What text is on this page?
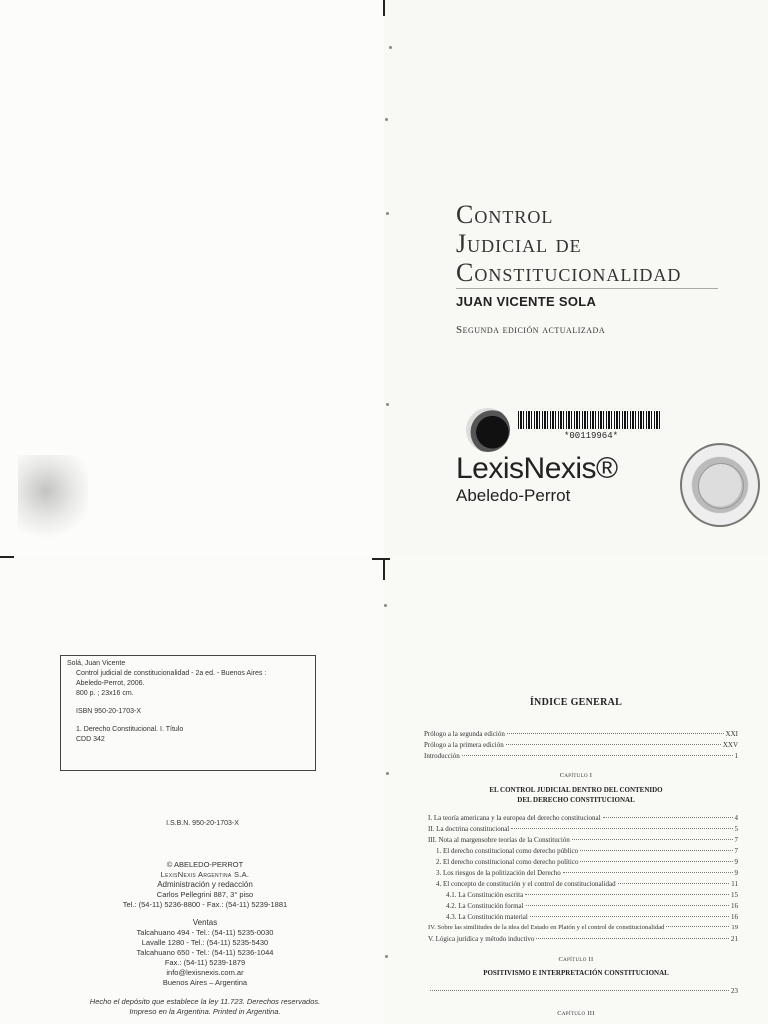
Control
Judicial de
Constitucionalidad
JUAN VICENTE SOLA
Segunda edición actualizada
*00119964*
LexisNexis®
Abeledo-Perrot
Solá, Juan Vicente
Control judicial de constitucionalidad - 2a ed. - Buenos Aires :
Abeledo-Perrot, 2006.
800 p. ; 23x16 cm.
ISBN 950-20-1703-X
1. Derecho Constitucional. I. Título
CDD 342
I.S.B.N. 950-20-1703-X
© ABELEDO-PERROT
LexisNexis Argentina S.A.
Administración y redacción
Carlos Pellegrini 887, 3° piso
Tel.: (54-11) 5236-8800 - Fax.: (54-11) 5239-1881
Ventas
Talcahuano 494 - Tel.: (54-11) 5235-0030
Lavalle 1280 - Tel.: (54-11) 5235-5430
Talcahuano 650 - Tel.: (54-11) 5236-1044
Fax.: (54-11) 5239-1879
info@lexisnexis.com.ar
Buenos Aires – Argentina
Hecho el depósito que establece la ley 11.723. Derechos reservados.
Impreso en la Argentina. Printed in Argentina.
ÍNDICE GENERAL
Prólogo a la segunda edición	XXI
Prólogo a la primera edición	XXV
Introducción	1
Capítulo I
EL CONTROL JUDICIAL DENTRO DEL CONTENIDO
DEL DERECHO CONSTITUCIONAL
I. La teoría americana y la europea del derecho constitucional	4
II. La doctrina constitucional	5
III. Nota al margensobre teorías de la Constitución	7
1. El derecho constitucional como derecho público	7
2. El derecho constitucional como derecho político	9
3. Los riesgos de la politización del Derecho	9
4. El concepto de constitución y el control de constitucionalidad	11
4.1. La Constitución escrita	15
4.2. La Constitución formal	16
4.3. La Constitución material	16
IV. Sobre las similitudes de la idea del Estado en Platón y el control de constitucionalidad	19
V. Lógica jurídica y método inductivo	21
Capítulo II
POSITIVISMO E INTERPRETACIÓN CONSTITUCIONAL
23
Capítulo III
